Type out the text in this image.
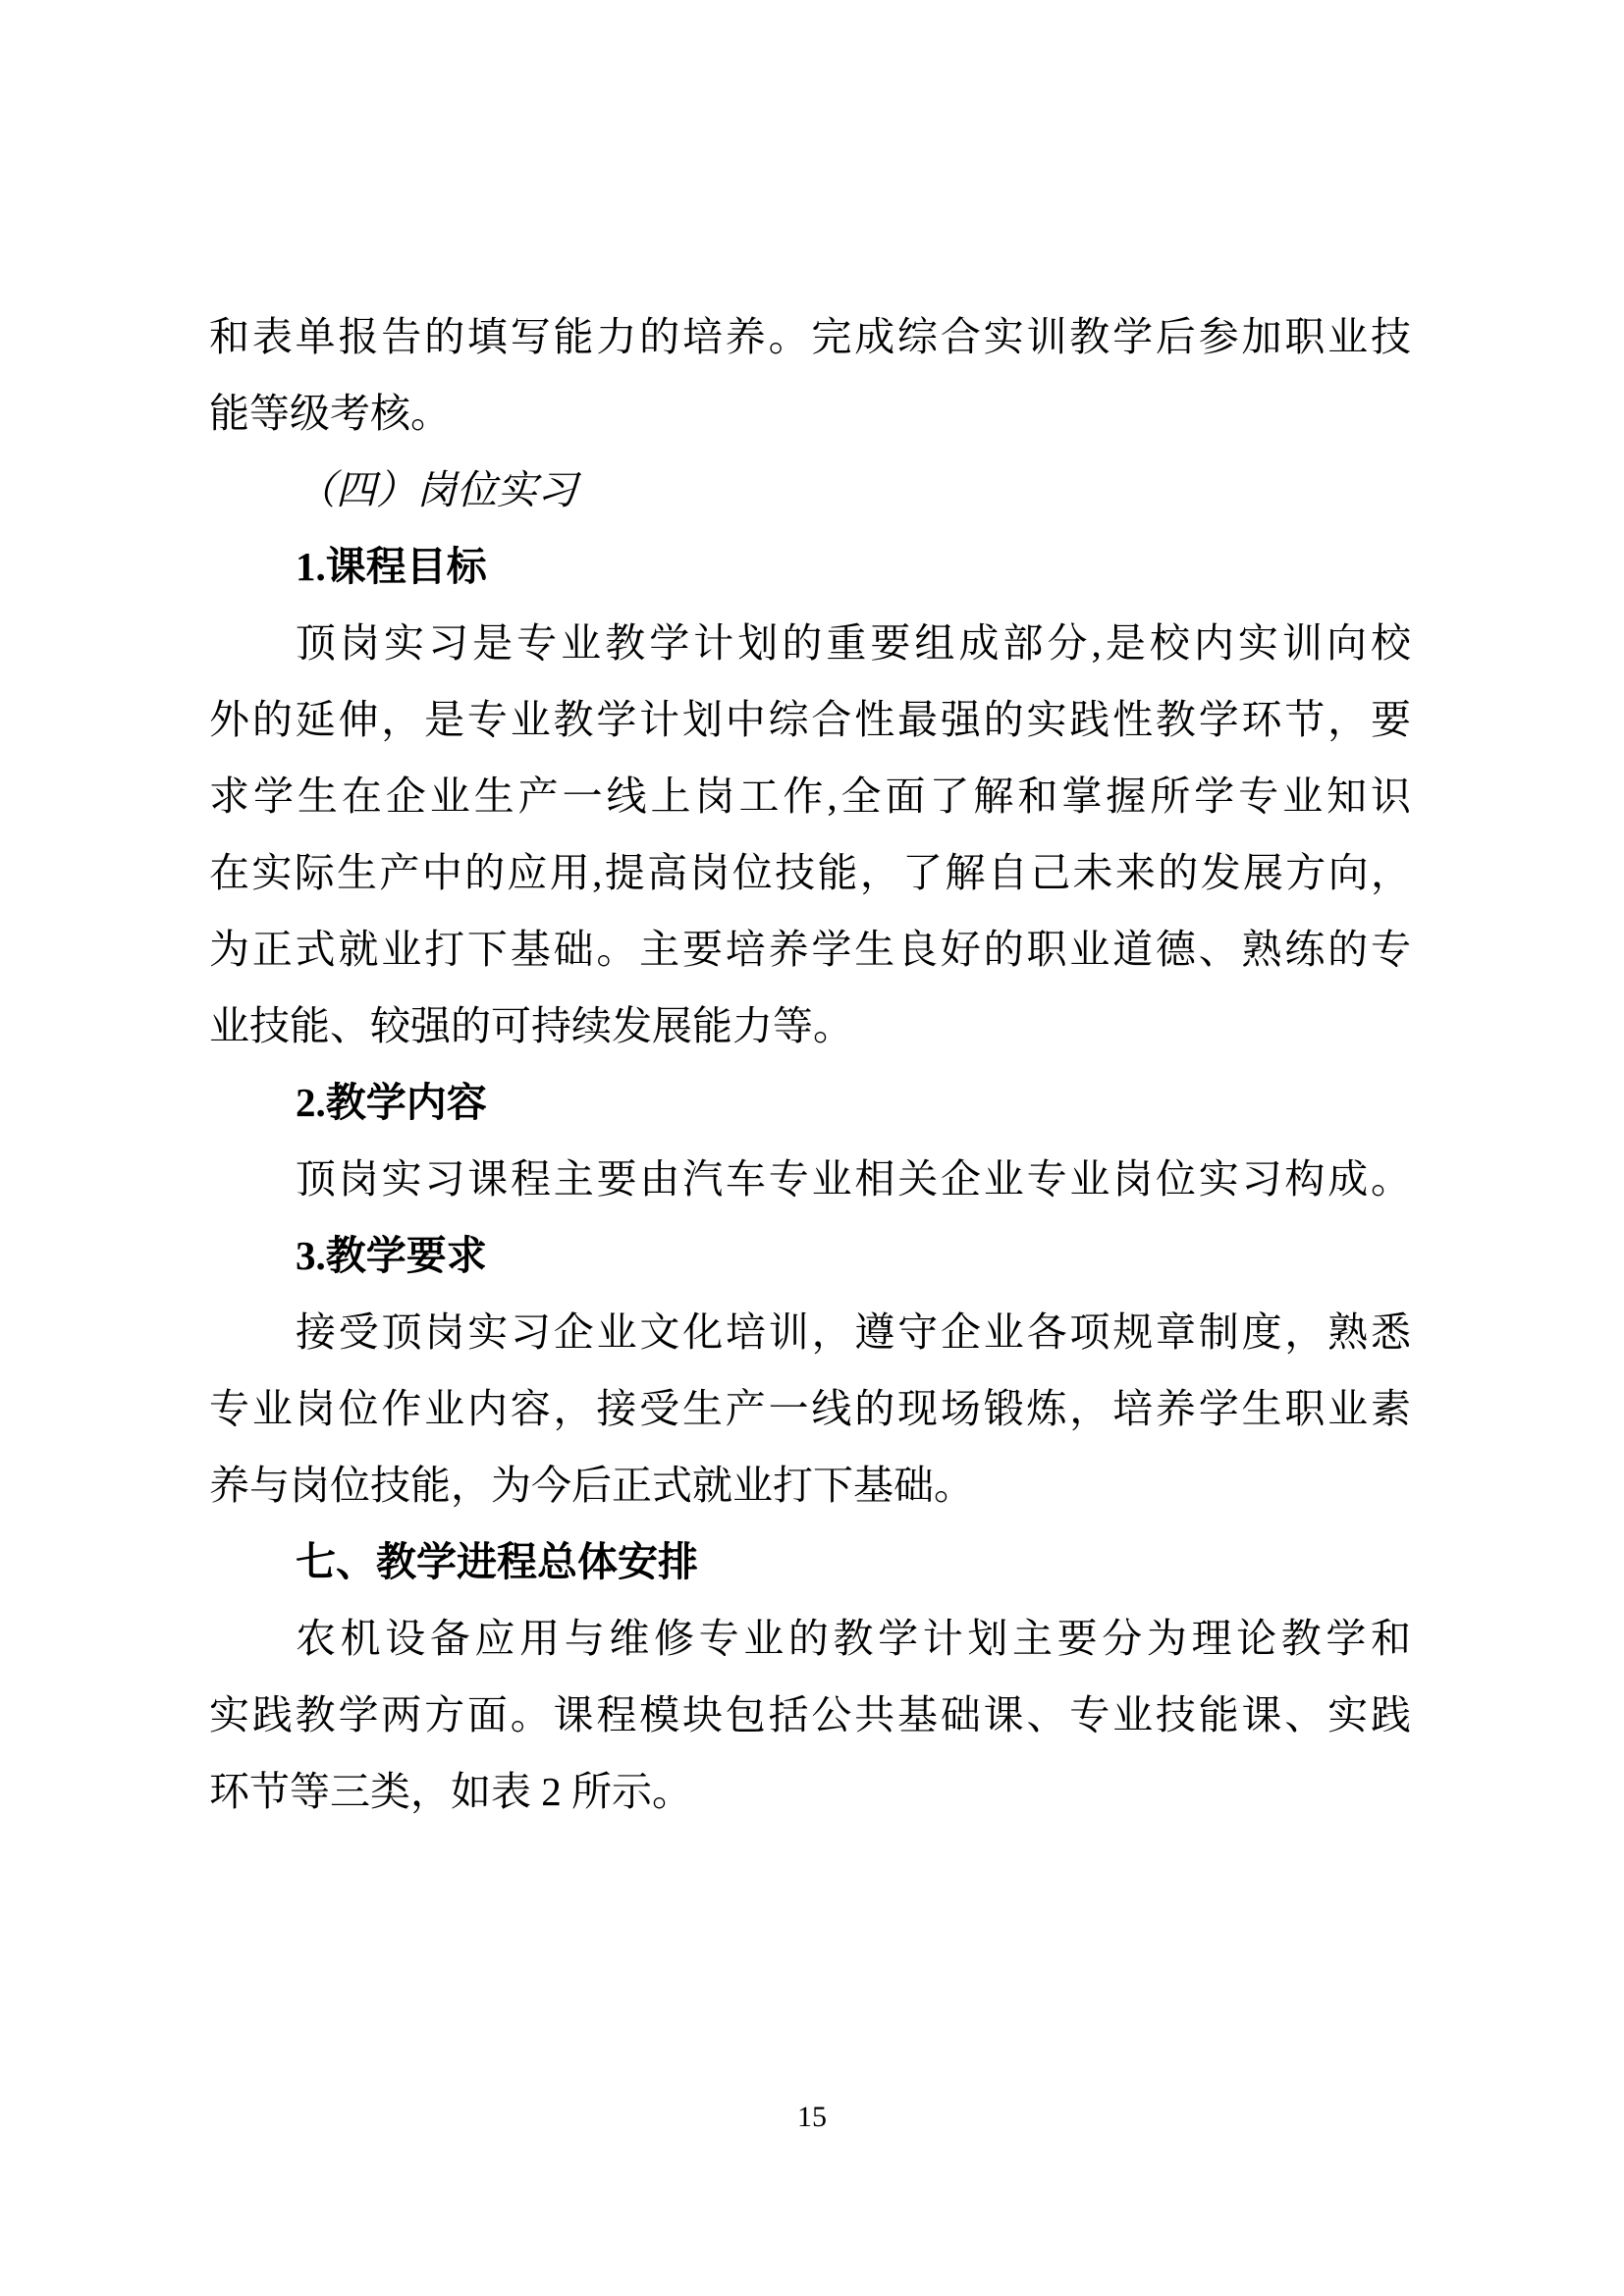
和表单报告的填写能力的培养。完成综合实训教学后参加职业技
能等级考核。
（四）岗位实习
1.课程目标
顶岗实习是专业教学计划的重要组成部分,是校内实训向校
外的延伸，是专业教学计划中综合性最强的实践性教学环节，要
求学生在企业生产一线上岗工作,全面了解和掌握所学专业知识
在实际生产中的应用,提高岗位技能，了解自己未来的发展方向，
为正式就业打下基础。主要培养学生良好的职业道德、熟练的专
业技能、较强的可持续发展能力等。
2.教学内容
顶岗实习课程主要由汽车专业相关企业专业岗位实习构成。
3.教学要求
接受顶岗实习企业文化培训，遵守企业各项规章制度，熟悉
专业岗位作业内容，接受生产一线的现场锻炼，培养学生职业素
养与岗位技能，为今后正式就业打下基础。
七、教学进程总体安排
农机设备应用与维修专业的教学计划主要分为理论教学和
实践教学两方面。课程模块包括公共基础课、专业技能课、实践
环节等三类，如表 2 所示。
15
